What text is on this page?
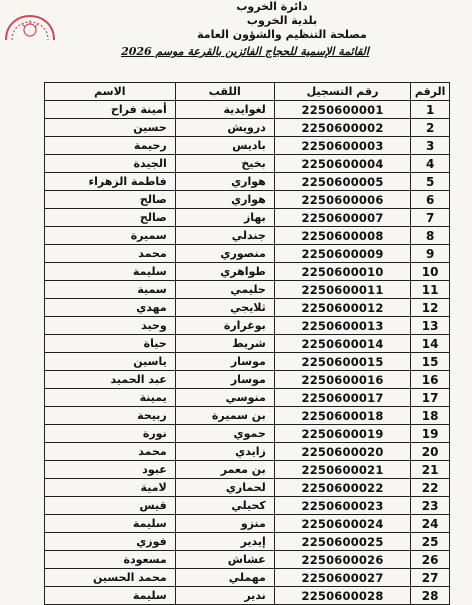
دائرة الخروب
بلدية الخروب
مصلحة التنظيم والشؤون العامة
القائمة الإسمية للحجاج الفائزين بالقرعة موسم 2026
الرقم	رقم التسجيل	اللقب	الاسم
1	2250600001	لغوايدية	أمينة فراح
2	2250600002	درويش	حسين
3	2250600003	باديس	رحيمة
4	2250600004	بخيخ	الجيدة
5	2250600005	هواري	فاطمة الزهراء
6	2250600006	هواري	صالح
7	2250600007	بهاز	صالح
8	2250600008	جندلي	سميرة
9	2250600009	منصوري	محمد
10	2250600010	طواهري	سليمة
11	2250600011	حليمي	سمية
12	2250600012	ثلايجي	مهدي
13	2250600013	بوغرارة	وحيد
14	2250600014	شريط	حياة
15	2250600015	موسار	ياسين
16	2250600016	موسار	عبد الحميد
17	2250600017	منوسي	يمينة
18	2250600018	بن سميرة	ربيحة
19	2250600019	حموي	نورة
20	2250600020	زايدي	محمد
21	2250600021	بن معمر	عبود
22	2250600022	لحماري	لامية
23	2250600023	كحيلي	قيس
24	2250600024	منزو	سليمة
25	2250600025	إيدير	فوزي
26	2250600026	عشاش	مسعودة
27	2250600027	مهملي	محمد الحسين
28	2250600028	ندير	سليمة
